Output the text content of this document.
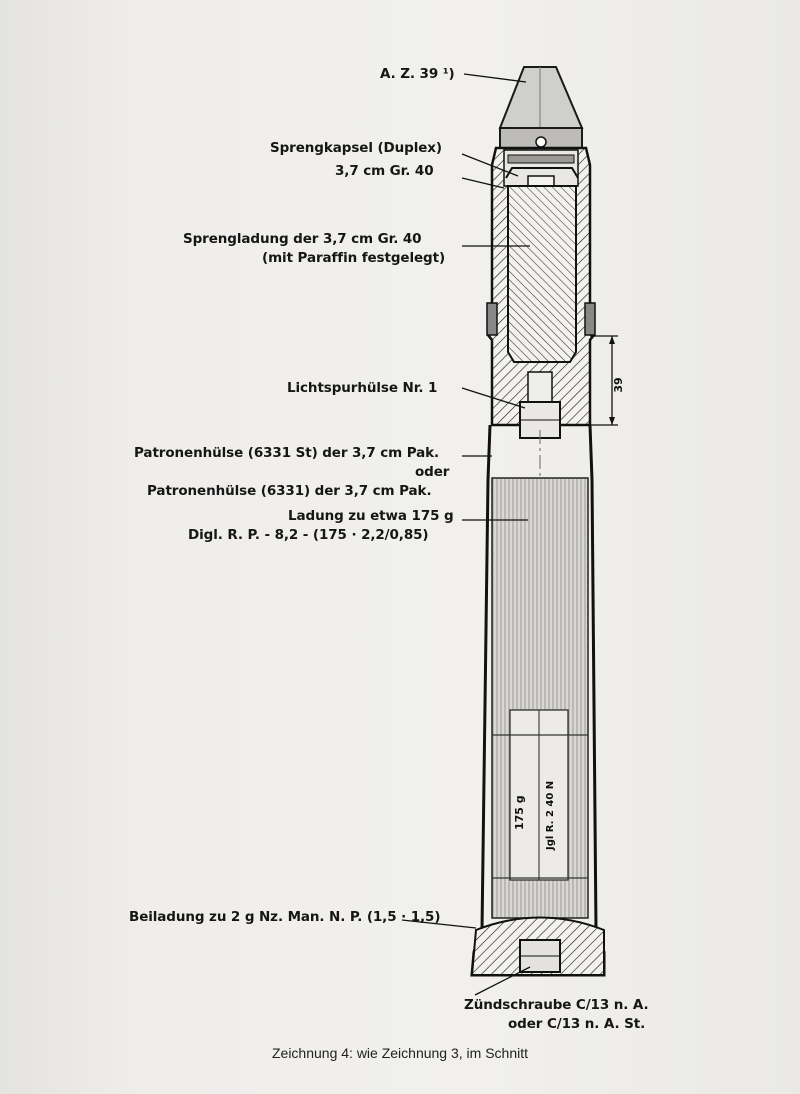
175 g Jgl R. 2 40 N
39
A. Z. 39 ¹)
Sprengkapsel (Duplex)
3,7 cm Gr. 40
Sprengladung der 3,7 cm Gr. 40
(mit Paraffin festgelegt)
Lichtspurhülse Nr. 1
Patronenhülse (6331 St) der 3,7 cm Pak.
oder
Patronenhülse (6331) der 3,7 cm Pak.
Ladung zu etwa 175 g
Digl. R. P. - 8,2 - (175 · 2,2/0,85)
Beiladung zu 2 g Nz. Man. N. P. (1,5 · 1,5)
Zündschraube C/13 n. A.
oder C/13 n. A. St.
Zeichnung 4: wie Zeichnung 3, im Schnitt
